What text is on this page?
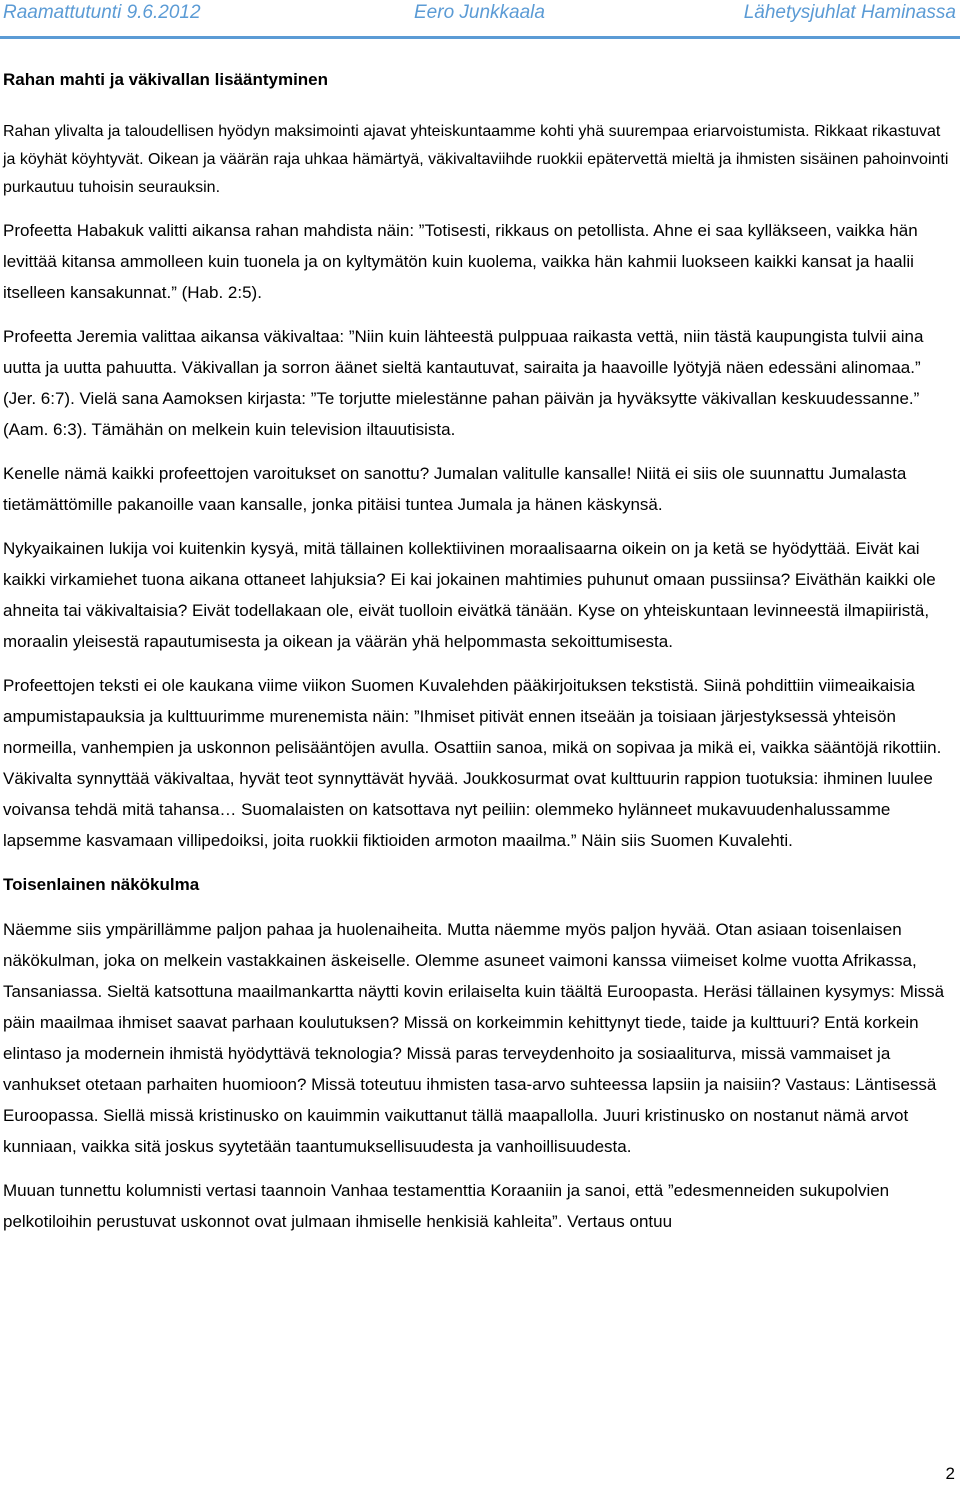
Raamattutunti 9.6.2012	Eero Junkkaala	Lähetysjuhlat Haminassa
Rahan mahti ja väkivallan lisääntyminen

Rahan ylivalta ja taloudellisen hyödyn maksimointi ajavat yhteiskuntaamme kohti yhä suurempaa eriarvoistumista. Rikkaat rikastuvat ja köyhät köyhtyvät. Oikean ja väärän raja uhkaa hämärtyä, väkivaltaviihde ruokkii epätervettä mieltä ja ihmisten sisäinen pahoinvointi purkautuu tuhoisin seurauksin.

Profeetta Habakuk valitti aikansa rahan mahdista näin: ”Totisesti, rikkaus on petollista. Ahne ei saa kylläkseen, vaikka hän levittää kitansa ammolleen kuin tuonela ja on kyltymätön kuin kuolema, vaikka hän kahmii luokseen kaikki kansat ja haalii itselleen kansakunnat.” (Hab. 2:5).

Profeetta Jeremia valittaa aikansa väkivaltaa: ”Niin kuin lähteestä pulppuaa raikasta vettä, niin tästä kaupungista tulvii aina uutta ja uutta pahuutta. Väkivallan ja sorron äänet sieltä kantautuvat, sairaita ja haavoille lyötyjä näen edessäni alinomaa.” (Jer. 6:7). Vielä sana Aamoksen kirjasta: ”Te torjutte mielestänne pahan päivän ja hyväksytte väkivallan keskuudessanne.” (Aam. 6:3). Tämähän on melkein kuin television iltauutisista.

Kenelle nämä kaikki profeettojen varoitukset on sanottu? Jumalan valitulle kansalle! Niitä ei siis ole suunnattu Jumalasta tietämättömille pakanoille vaan kansalle, jonka pitäisi tuntea Jumala ja hänen käskynsä.

Nykyaikainen lukija voi kuitenkin kysyä, mitä tällainen kollektiivinen moraalisaarna oikein on ja ketä se hyödyttää. Eivät kai kaikki virkamiehet tuona aikana ottaneet lahjuksia? Ei kai jokainen mahtimies puhunut omaan pussiinsa? Eiväthän kaikki ole ahneita tai väkivaltaisia? Eivät todellakaan ole, eivät tuolloin eivätkä tänään. Kyse on yhteiskuntaan levinneestä ilmapiiristä, moraalin yleisestä rapautumisesta ja oikean ja väärän yhä helpommasta sekoittumisesta.

Profeettojen teksti ei ole kaukana viime viikon Suomen Kuvalehden pääkirjoituksen tekstistä. Siinä pohdittiin viimeaikaisia ampumistapauksia ja kulttuurimme murenemista näin: ”Ihmiset pitivät ennen itseään ja toisiaan järjestyksessä yhteisön normeilla, vanhempien ja uskonnon pelisääntöjen avulla. Osattiin sanoa, mikä on sopivaa ja mikä ei, vaikka sääntöjä rikottiin. Väkivalta synnyttää väkivaltaa, hyvät teot synnyttävät hyvää. Joukkosurmat ovat kulttuurin rappion tuotuksia: ihminen luulee voivansa tehdä mitä tahansa… Suomalaisten on katsottava nyt peiliin: olemmeko hylänneet mukavuudenhalussamme lapsemme kasvamaan villipedoiksi, joita ruokkii fiktioiden armoton maailma.” Näin siis Suomen Kuvalehti.

Toisenlainen näkökulma

Näemme siis ympärillämme paljon pahaa ja huolenaiheita. Mutta näemme myös paljon hyvää. Otan asiaan toisenlaisen näkökulman, joka on melkein vastakkainen äskeiselle. Olemme asuneet vaimoni kanssa viimeiset kolme vuotta Afrikassa, Tansaniassa. Sieltä katsottuna maailmankartta näytti kovin erilaiselta kuin täältä Euroopasta. Heräsi tällainen kysymys: Missä päin maailmaa ihmiset saavat parhaan koulutuksen? Missä on korkeimmin kehittynyt tiede, taide ja kulttuuri? Entä korkein elintaso ja modernein ihmistä hyödyttävä teknologia? Missä paras terveydenhoito ja sosiaaliturva, missä vammaiset ja vanhukset otetaan parhaiten huomioon? Missä toteutuu ihmisten tasa-arvo suhteessa lapsiin ja naisiin? Vastaus: Läntisessä Euroopassa. Siellä missä kristinusko on kauimmin vaikuttanut tällä maapallolla. Juuri kristinusko on nostanut nämä arvot kunniaan, vaikka sitä joskus syytetään taantumuksellisuudesta ja vanhoillisuudesta.

Muuan tunnettu kolumnisti vertasi taannoin Vanhaa testamenttia Koraaniin ja sanoi, että ”edesmenneiden sukupolvien pelkotiloihin perustuvat uskonnot ovat julmaan ihmiselle henkisiä kahleita”. Vertaus ontuu

2
